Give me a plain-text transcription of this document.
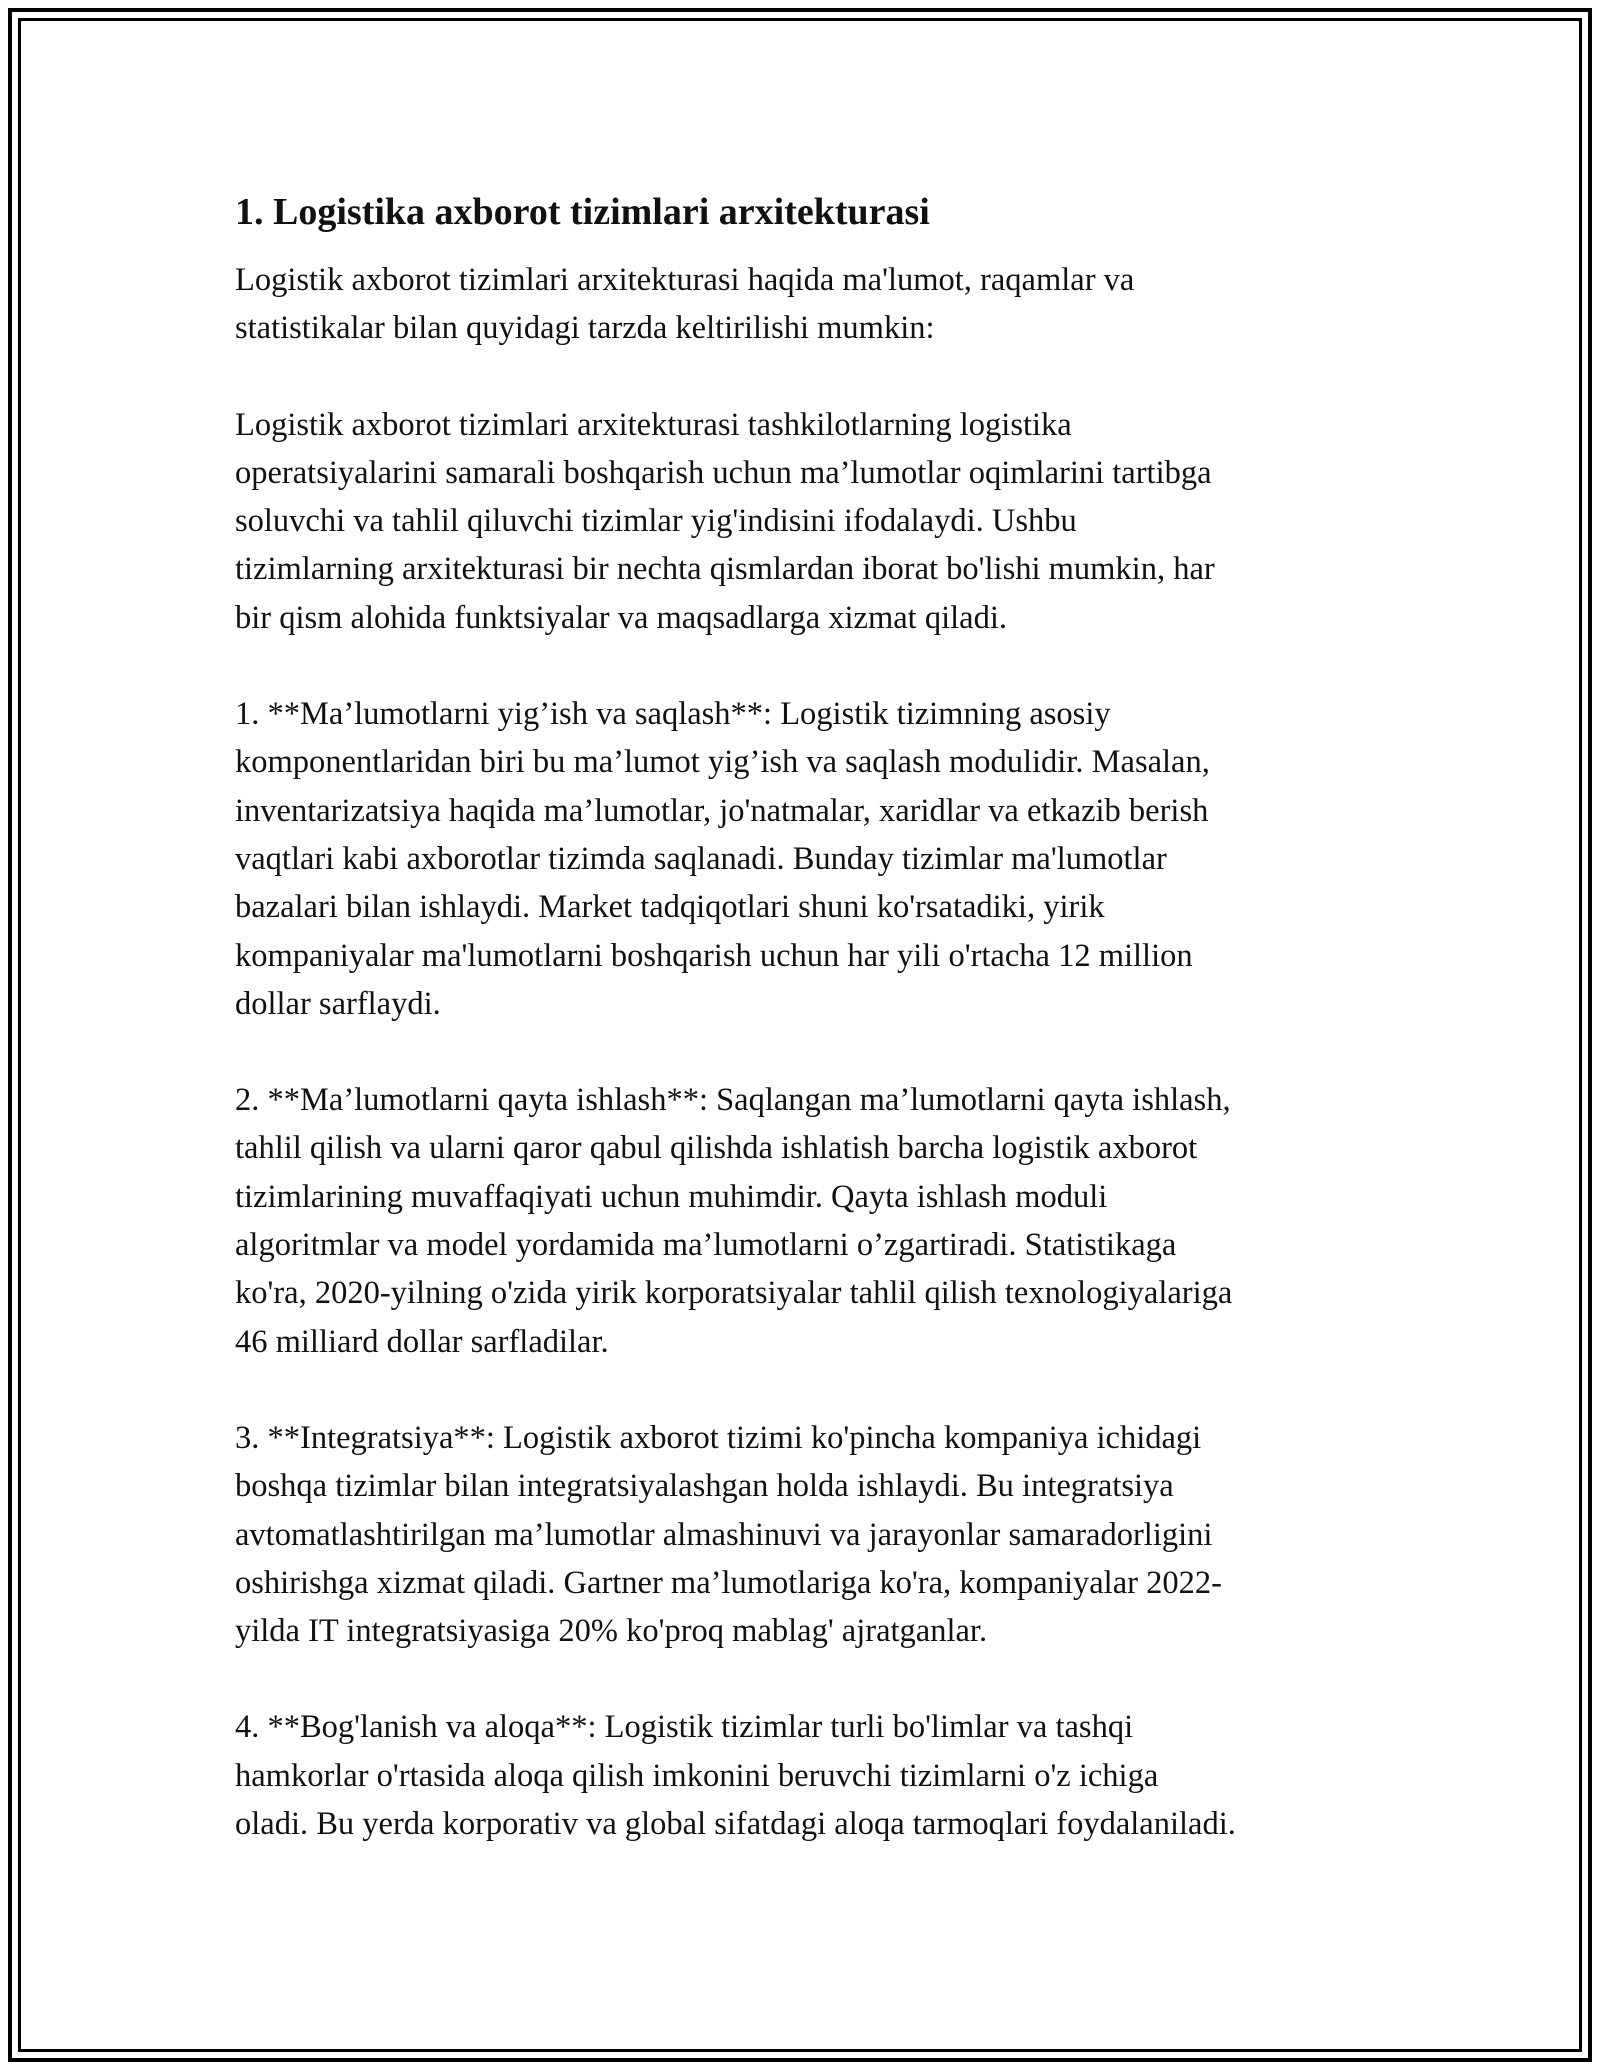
1. Logistika axborot tizimlari arxitekturasi

Logistik axborot tizimlari arxitekturasi haqida ma'lumot, raqamlar va
statistikalar bilan quyidagi tarzda keltirilishi mumkin:

Logistik axborot tizimlari arxitekturasi tashkilotlarning logistika
operatsiyalarini samarali boshqarish uchun ma’lumotlar oqimlarini tartibga
soluvchi va tahlil qiluvchi tizimlar yig'indisini ifodalaydi. Ushbu
tizimlarning arxitekturasi bir nechta qismlardan iborat bo'lishi mumkin, har
bir qism alohida funktsiyalar va maqsadlarga xizmat qiladi.

1. **Ma’lumotlarni yig’ish va saqlash**: Logistik tizimning asosiy
komponentlaridan biri bu ma’lumot yig’ish va saqlash modulidir. Masalan,
inventarizatsiya haqida ma’lumotlar, jo'natmalar, xaridlar va etkazib berish
vaqtlari kabi axborotlar tizimda saqlanadi. Bunday tizimlar ma'lumotlar
bazalari bilan ishlaydi. Market tadqiqotlari shuni ko'rsatadiki, yirik
kompaniyalar ma'lumotlarni boshqarish uchun har yili o'rtacha 12 million
dollar sarflaydi.

2. **Ma’lumotlarni qayta ishlash**: Saqlangan ma’lumotlarni qayta ishlash,
tahlil qilish va ularni qaror qabul qilishda ishlatish barcha logistik axborot
tizimlarining muvaffaqiyati uchun muhimdir. Qayta ishlash moduli
algoritmlar va model yordamida ma’lumotlarni o’zgartiradi. Statistikaga
ko'ra, 2020-yilning o'zida yirik korporatsiyalar tahlil qilish texnologiyalariga
46 milliard dollar sarfladilar.

3. **Integratsiya**: Logistik axborot tizimi ko'pincha kompaniya ichidagi
boshqa tizimlar bilan integratsiyalashgan holda ishlaydi. Bu integratsiya
avtomatlashtirilgan ma’lumotlar almashinuvi va jarayonlar samaradorligini
oshirishga xizmat qiladi. Gartner ma’lumotlariga ko'ra, kompaniyalar 2022-
yilda IT integratsiyasiga 20% ko'proq mablag' ajratganlar.

4. **Bog'lanish va aloqa**: Logistik tizimlar turli bo'limlar va tashqi
hamkorlar o'rtasida aloqa qilish imkonini beruvchi tizimlarni o'z ichiga
oladi. Bu yerda korporativ va global sifatdagi aloqa tarmoqlari foydalaniladi.
